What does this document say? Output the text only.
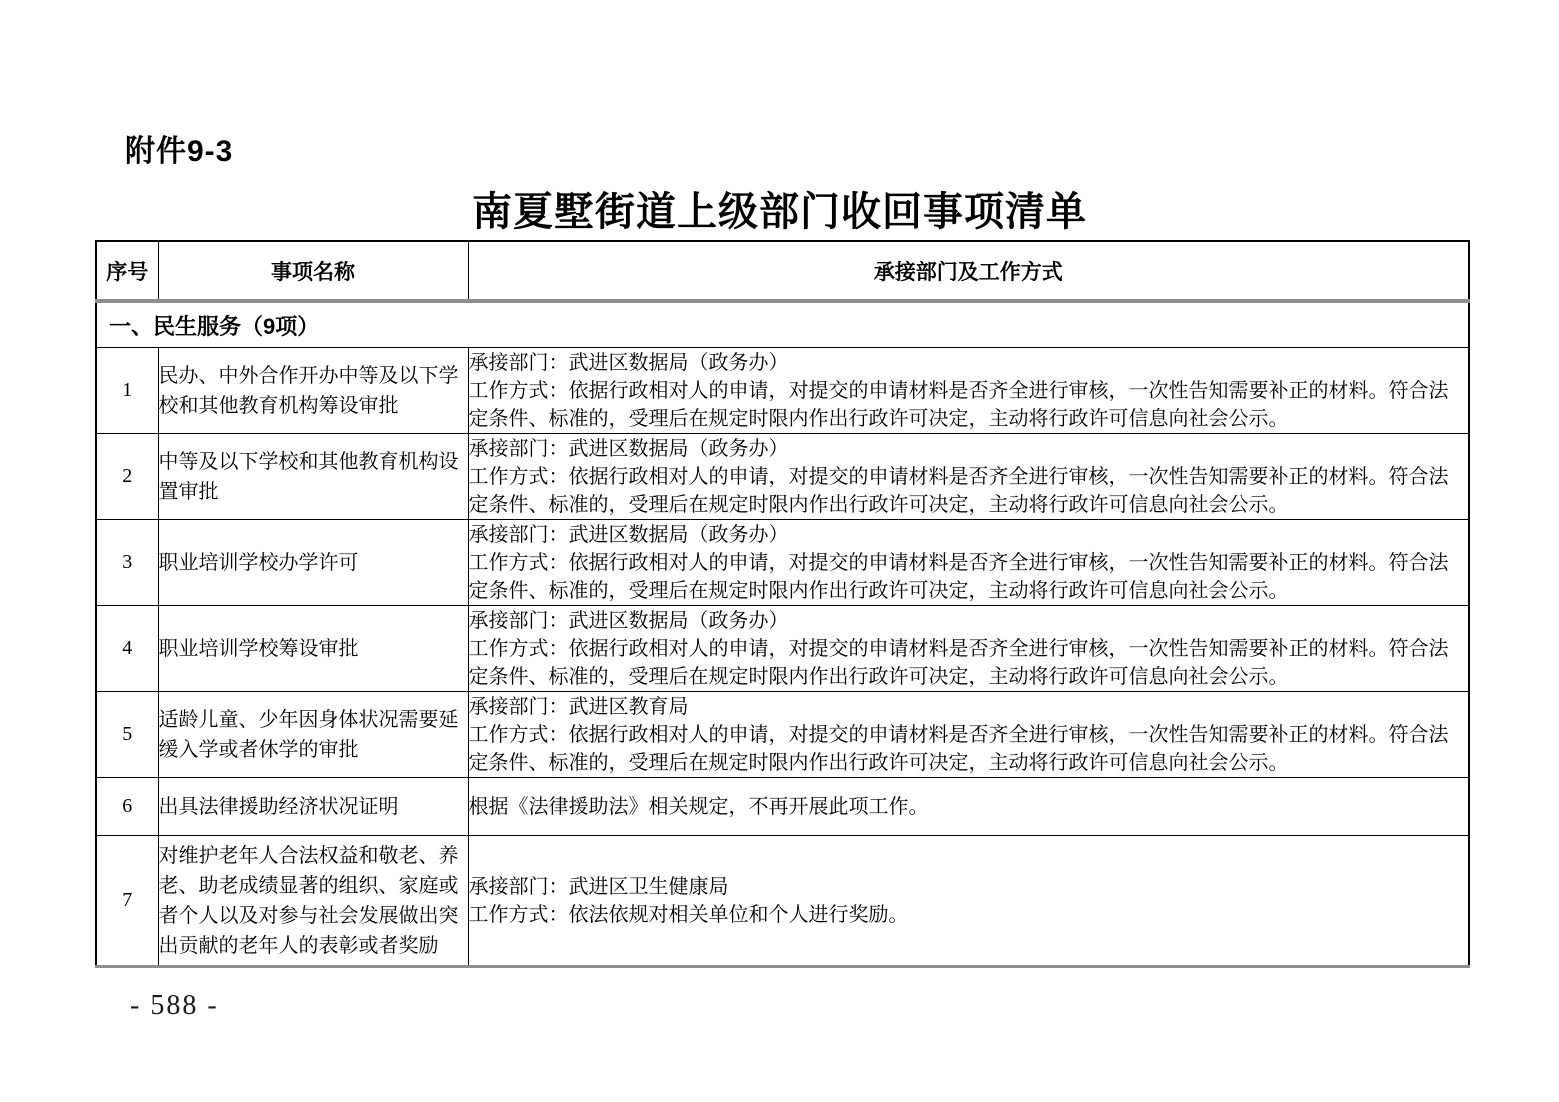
附件9-3
南夏墅街道上级部门收回事项清单
序号	事项名称	承接部门及工作方式
一、民生服务（9项）		
1	民办、中外合作开办中等及以下学校和其他教育机构筹设审批	承接部门：武进区数据局（政务办）
工作方式：依据行政相对人的申请，对提交的申请材料是否齐全进行审核，一次性告知需要补正的材料。符合法定条件、标准的，受理后在规定时限内作出行政许可决定，主动将行政许可信息向社会公示。

2	中等及以下学校和其他教育机构设置审批	承接部门：武进区数据局（政务办）
工作方式：依据行政相对人的申请，对提交的申请材料是否齐全进行审核，一次性告知需要补正的材料。符合法定条件、标准的，受理后在规定时限内作出行政许可决定，主动将行政许可信息向社会公示。

3	职业培训学校办学许可	承接部门：武进区数据局（政务办）
工作方式：依据行政相对人的申请，对提交的申请材料是否齐全进行审核，一次性告知需要补正的材料。符合法定条件、标准的，受理后在规定时限内作出行政许可决定，主动将行政许可信息向社会公示。

4	职业培训学校筹设审批	承接部门：武进区数据局（政务办）
工作方式：依据行政相对人的申请，对提交的申请材料是否齐全进行审核，一次性告知需要补正的材料。符合法定条件、标准的，受理后在规定时限内作出行政许可决定，主动将行政许可信息向社会公示。

5	适龄儿童、少年因身体状况需要延缓入学或者休学的审批	承接部门：武进区教育局
工作方式：依据行政相对人的申请，对提交的申请材料是否齐全进行审核，一次性告知需要补正的材料。符合法定条件、标准的，受理后在规定时限内作出行政许可决定，主动将行政许可信息向社会公示。

6	出具法律援助经济状况证明	根据《法律援助法》相关规定，不再开展此项工作。

7	对维护老年人合法权益和敬老、养老、助老成绩显著的组织、家庭或者个人以及对参与社会发展做出突出贡献的老年人的表彰或者奖励	承接部门：武进区卫生健康局
工作方式：依法依规对相关单位和个人进行奖励。
- 588 -
